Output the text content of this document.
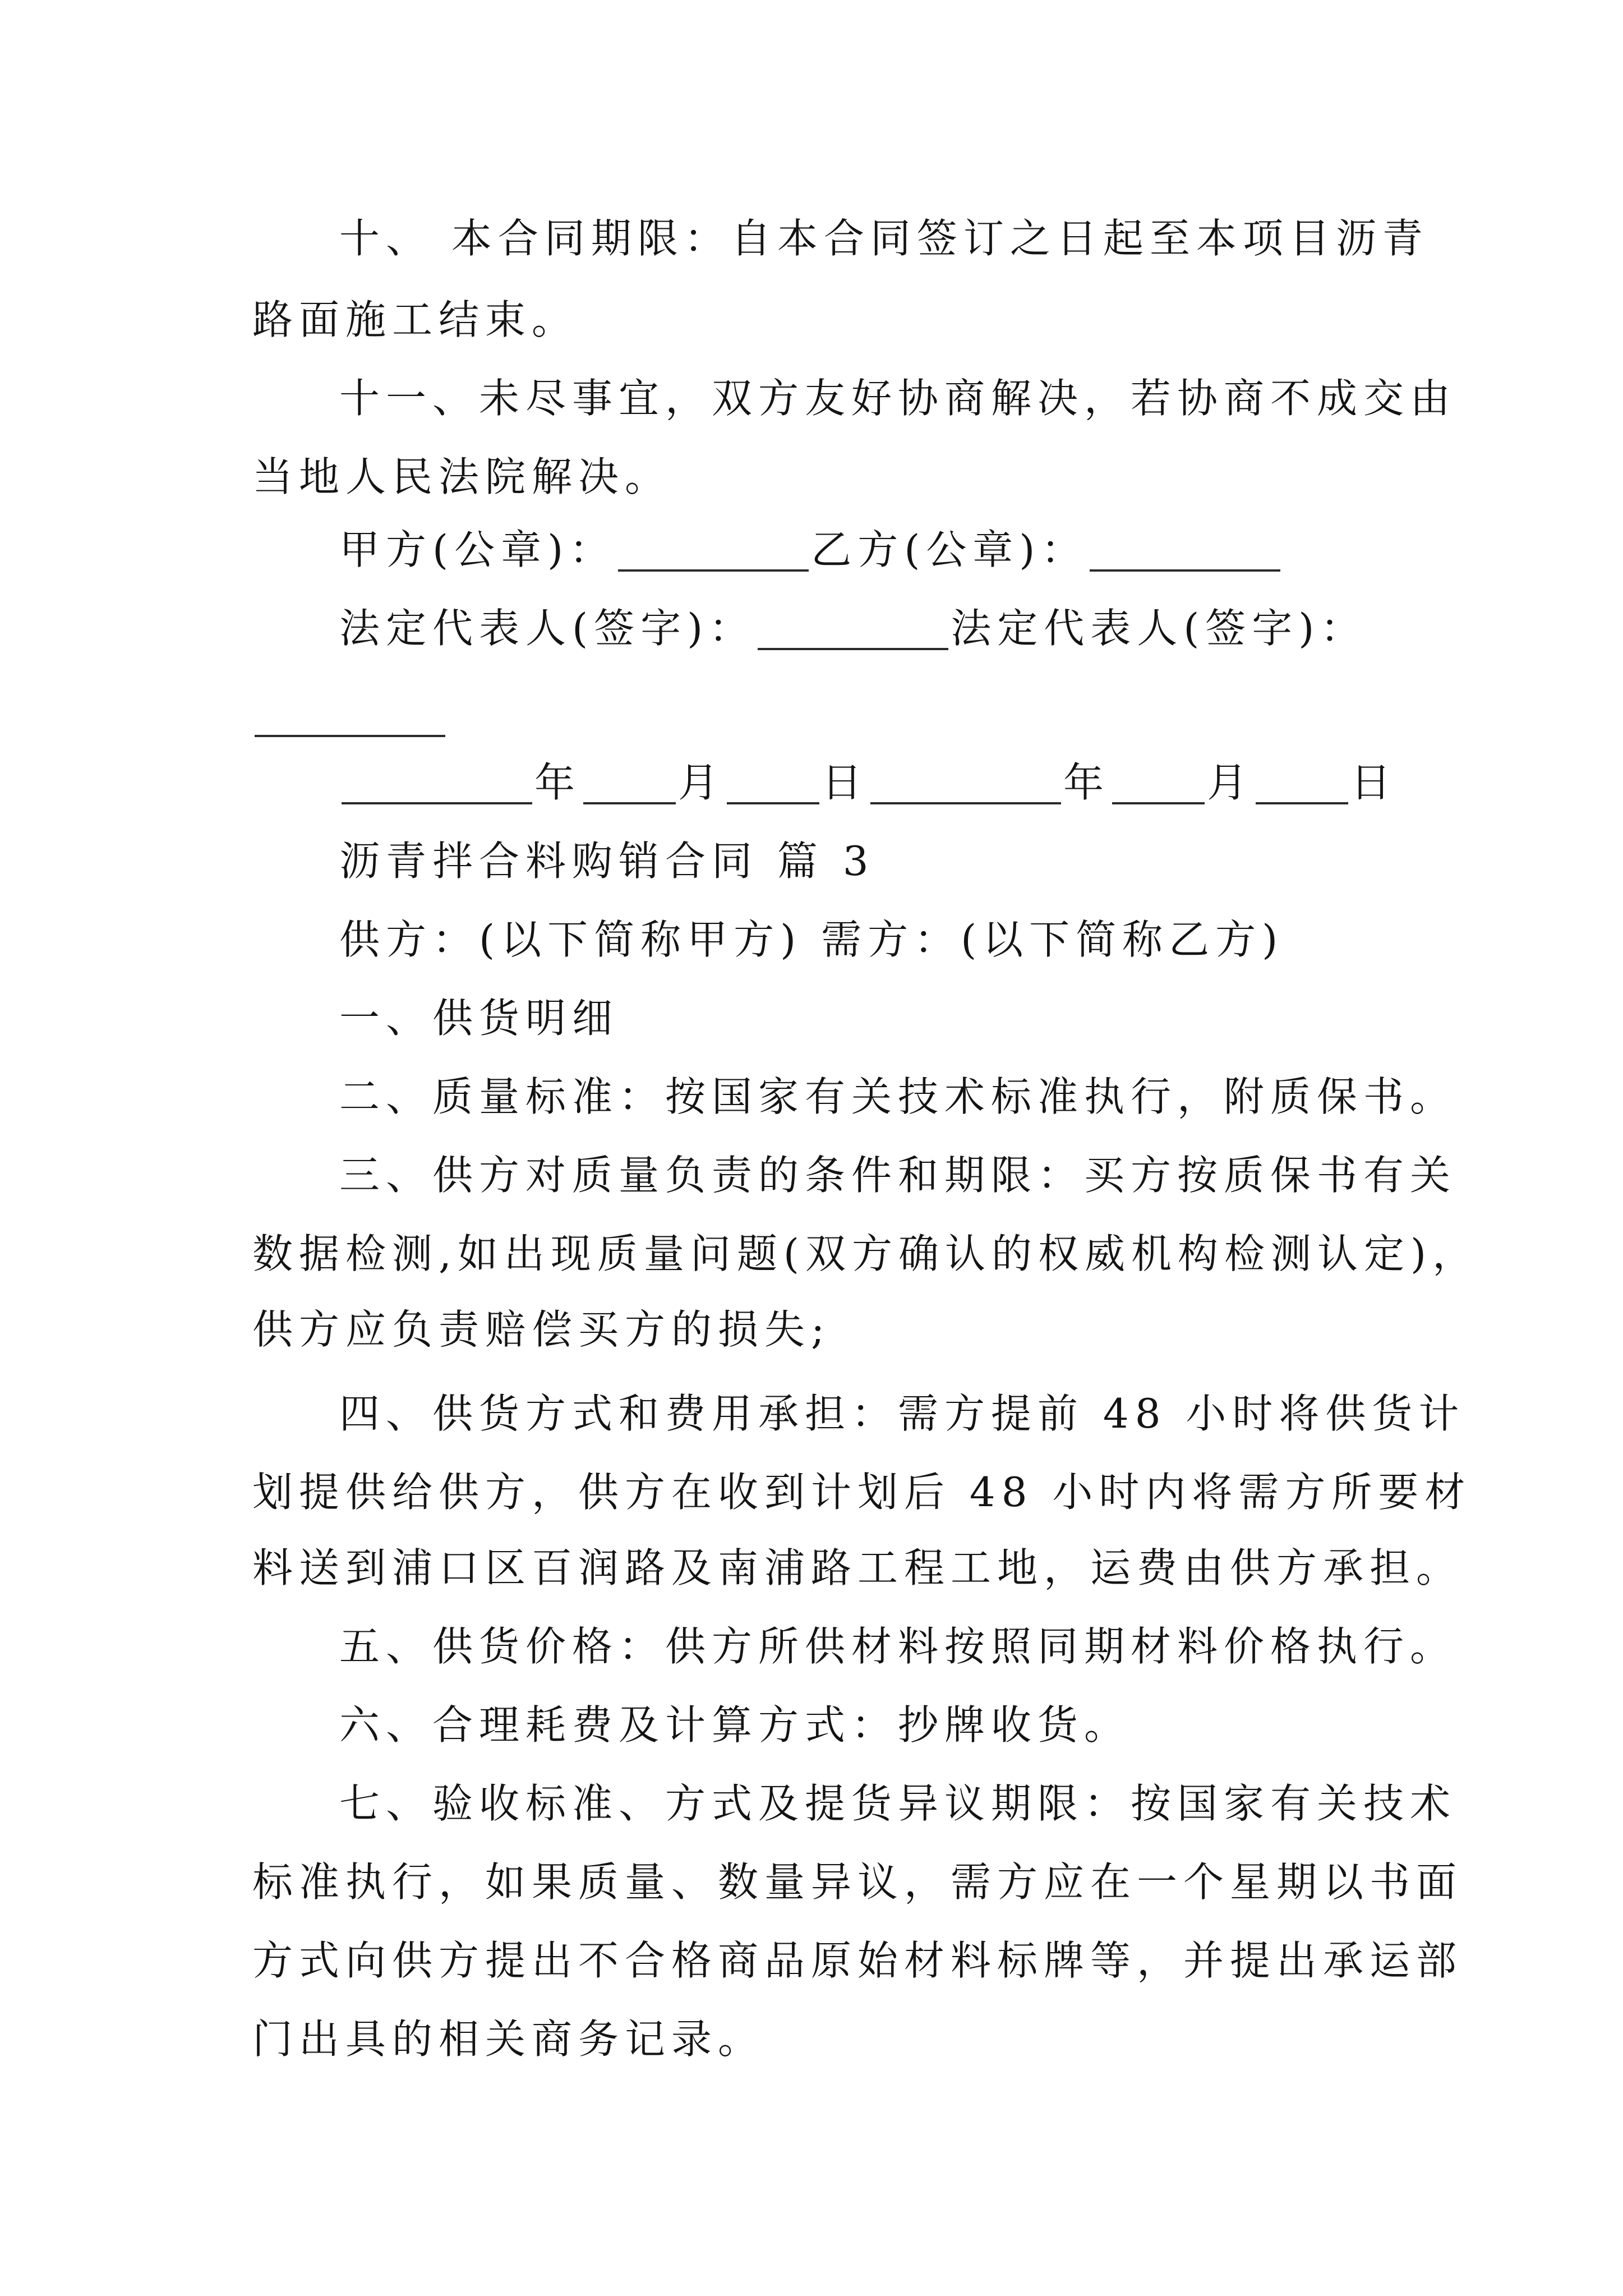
十、 本合同期限：自本合同签订之日起至本项目沥青
路面施工结束。
十一、未尽事宜，双方友好协商解决，若协商不成交由
当地人民法院解决。
甲方(公章)：	乙方(公章)：
法定代表人(签字)：	法定代表人(签字)：
年 月 日	年 月 日
沥青拌合料购销合同 篇 3
供方：(以下简称甲方) 需方：(以下简称乙方)
一、供货明细
二、质量标准：按国家有关技术标准执行，附质保书。
三、供方对质量负责的条件和期限：买方按质保书有关
数据检测,如出现质量问题(双方确认的权威机构检测认定)，
供方应负责赔偿买方的损失;
四、供货方式和费用承担：需方提前 48 小时将供货计
划提供给供方，供方在收到计划后 48 小时内将需方所要材
料送到浦口区百润路及南浦路工程工地，运费由供方承担。
五、供货价格：供方所供材料按照同期材料价格执行。
六、合理耗费及计算方式：抄牌收货。
七、验收标准、方式及提货异议期限：按国家有关技术
标准执行，如果质量、数量异议，需方应在一个星期以书面
方式向供方提出不合格商品原始材料标牌等，并提出承运部
门出具的相关商务记录。
